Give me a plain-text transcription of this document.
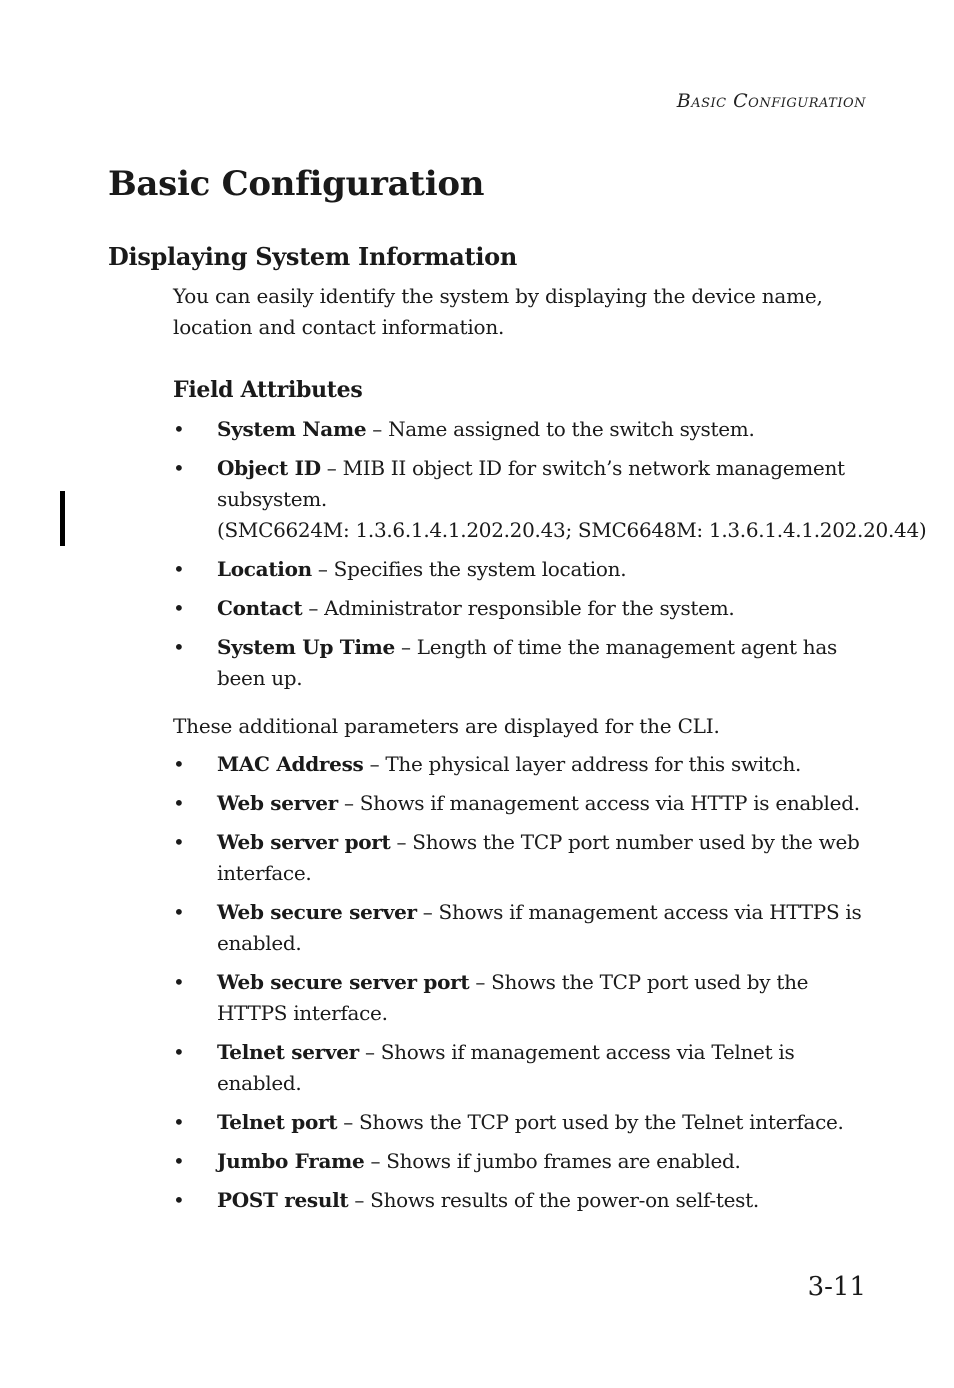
Basic Configuration
Basic Configuration
Displaying System Information
You can easily identify the system by displaying the device name, location and contact information.
Field Attributes
• System Name – Name assigned to the switch system.
• Object ID – MIB II object ID for switch’s network management subsystem.
(SMC6624M: 1.3.6.1.4.1.202.20.43; SMC6648M: 1.3.6.1.4.1.202.20.44)
• Location – Specifies the system location.
• Contact – Administrator responsible for the system.
• System Up Time – Length of time the management agent has been up.
These additional parameters are displayed for the CLI.
• MAC Address – The physical layer address for this switch.
• Web server – Shows if management access via HTTP is enabled.
• Web server port – Shows the TCP port number used by the web interface.
• Web secure server – Shows if management access via HTTPS is enabled.
• Web secure server port – Shows the TCP port used by the HTTPS interface.
• Telnet server – Shows if management access via Telnet is enabled.
• Telnet port – Shows the TCP port used by the Telnet interface.
• Jumbo Frame – Shows if jumbo frames are enabled.
• POST result – Shows results of the power-on self-test.
3-11
